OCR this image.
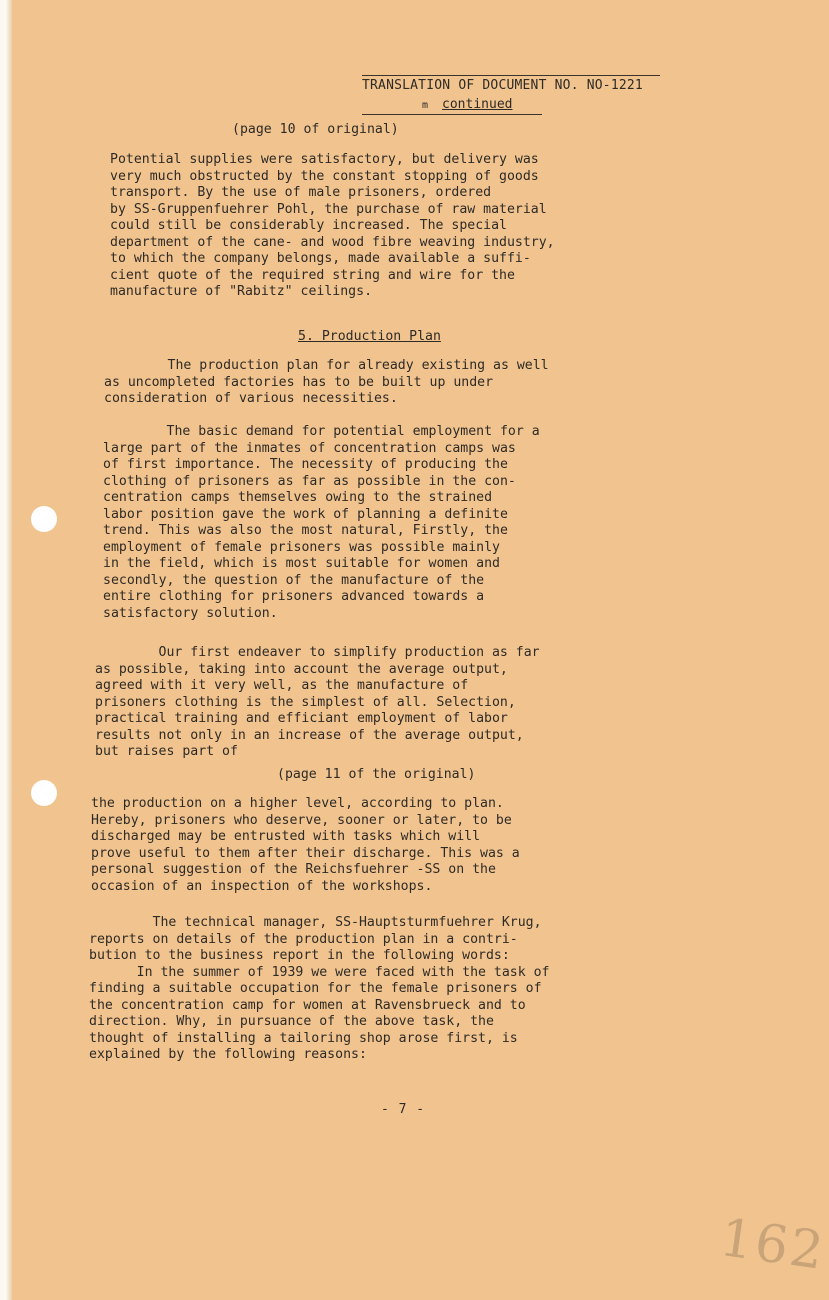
TRANSLATION OF DOCUMENT NO. NO-1221
m continued
(page 10 of original)
Potential supplies were satisfactory, but delivery was
very much obstructed by the constant stopping of goods
transport. By the use of male prisoners, ordered
by SS-Gruppenfuehrer Pohl, the purchase of raw material
could still be considerably increased. The special
department of the cane- and wood fibre weaving industry,
to which the company belongs, made available a suffi-
cient quote of the required string and wire for the
manufacture of "Rabitz" ceilings.
5. Production Plan
The production plan for already existing as well
as uncompleted factories has to be built up under
consideration of various necessities.
The basic demand for potential employment for a
large part of the inmates of concentration camps was
of first importance. The necessity of producing the
clothing of prisoners as far as possible in the con-
centration camps themselves owing to the strained
labor position gave the work of planning a definite
trend. This was also the most natural, Firstly, the
employment of female prisoners was possible mainly
in the field, which is most suitable for women and
secondly, the question of the manufacture of the
entire clothing for prisoners advanced towards a
satisfactory solution.
Our first endeaver to simplify production as far
as possible, taking into account the average output,
agreed with it very well, as the manufacture of
prisoners clothing is the simplest of all. Selection,
practical training and efficiant employment of labor
results not only in an increase of the average output,
but raises part of
(page 11 of the original)
the production on a higher level, according to plan.
Hereby, prisoners who deserve, sooner or later, to be
discharged may be entrusted with tasks which will
prove useful to them after their discharge. This was a
personal suggestion of the Reichsfuehrer -SS on the
occasion of an inspection of the workshops.
The technical manager, SS-Hauptsturmfuehrer Krug,
reports on details of the production plan in a contri-
bution to the business report in the following words:
In the summer of 1939 we were faced with the task of
finding a suitable occupation for the female prisoners of
the concentration camp for women at Ravensbrueck and to
direction. Why, in pursuance of the above task, the
thought of installing a tailoring shop arose first, is
explained by the following reasons:
- 7 -
162
